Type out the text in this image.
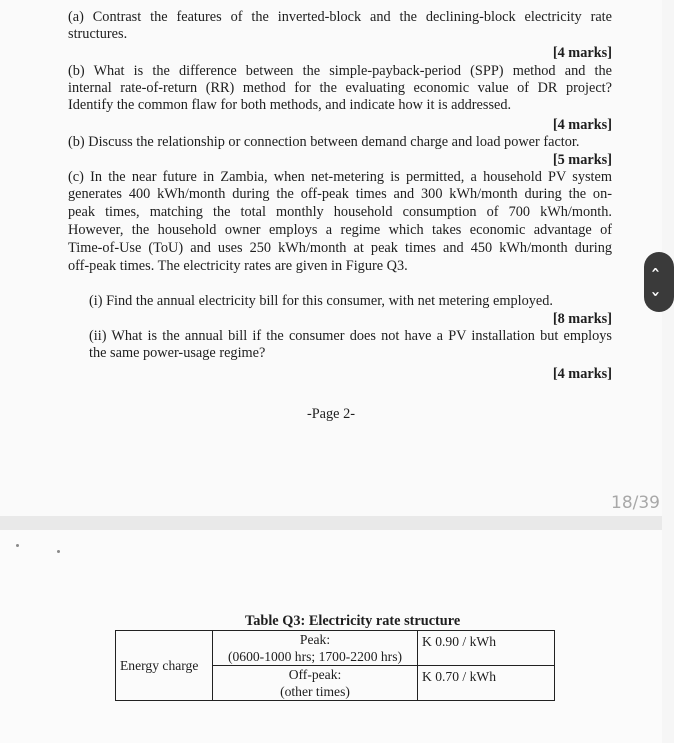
(a) Contrast the features of the inverted-block and the declining-block electricity rate
structures.
[4 marks]
(b) What is the difference between the simple-payback-period (SPP) method and the
internal rate-of-return (RR) method for the evaluating economic value of DR project?
Identify the common flaw for both methods, and indicate how it is addressed.
[4 marks]
(b) Discuss the relationship or connection between demand charge and load power factor.
[5 marks]
(c) In the near future in Zambia, when net-metering is permitted, a household PV system
generates 400 kWh/month during the off-peak times and 300 kWh/month during the on-
peak times, matching the total monthly household consumption of 700 kWh/month.
However, the household owner employs a regime which takes economic advantage of
Time-of-Use (ToU) and uses 250 kWh/month at peak times and 450 kWh/month during
off-peak times. The electricity rates are given in Figure Q3.
(i) Find the annual electricity bill for this consumer, with net metering employed.
[8 marks]
(ii) What is the annual bill if the consumer does not have a PV installation but employs
the same power-usage regime?
[4 marks]
-Page 2-
18/39
Table Q3: Electricity rate structure
Energy charge	Peak:
(0600-1000 hrs; 1700-2200 hrs)	K 0.90 / kWh

	Off-peak:
(other times)	K 0.70 / kWh
‹
›
